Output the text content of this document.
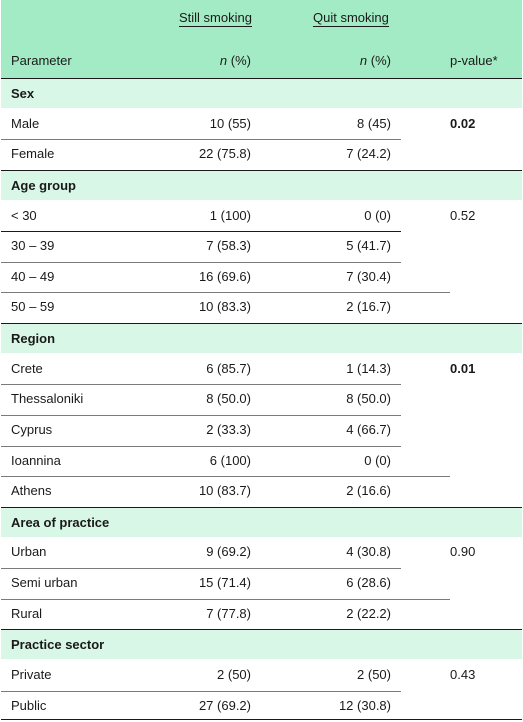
Still smoking	Quit smoking
Parameter	n (%)	n (%)	p-value*
Sex
Male	10 (55)	8 (45)	0.02
Female	22 (75.8)	7 (24.2)
Age group
< 30	1 (100)	0 (0)	0.52
30 – 39	7 (58.3)	5 (41.7)
40 – 49	16 (69.6)	7 (30.4)
50 – 59	10 (83.3)	2 (16.7)
Region
Crete	6 (85.7)	1 (14.3)	0.01
Thessaloniki	8 (50.0)	8 (50.0)
Cyprus	2 (33.3)	4 (66.7)
Ioannina	6 (100)	0 (0)
Athens	10 (83.7)	2 (16.6)
Area of practice
Urban	9 (69.2)	4 (30.8)	0.90
Semi urban	15 (71.4)	6 (28.6)
Rural	7 (77.8)	2 (22.2)
Practice sector
Private	2 (50)	2 (50)	0.43
Public	27 (69.2)	12 (30.8)
